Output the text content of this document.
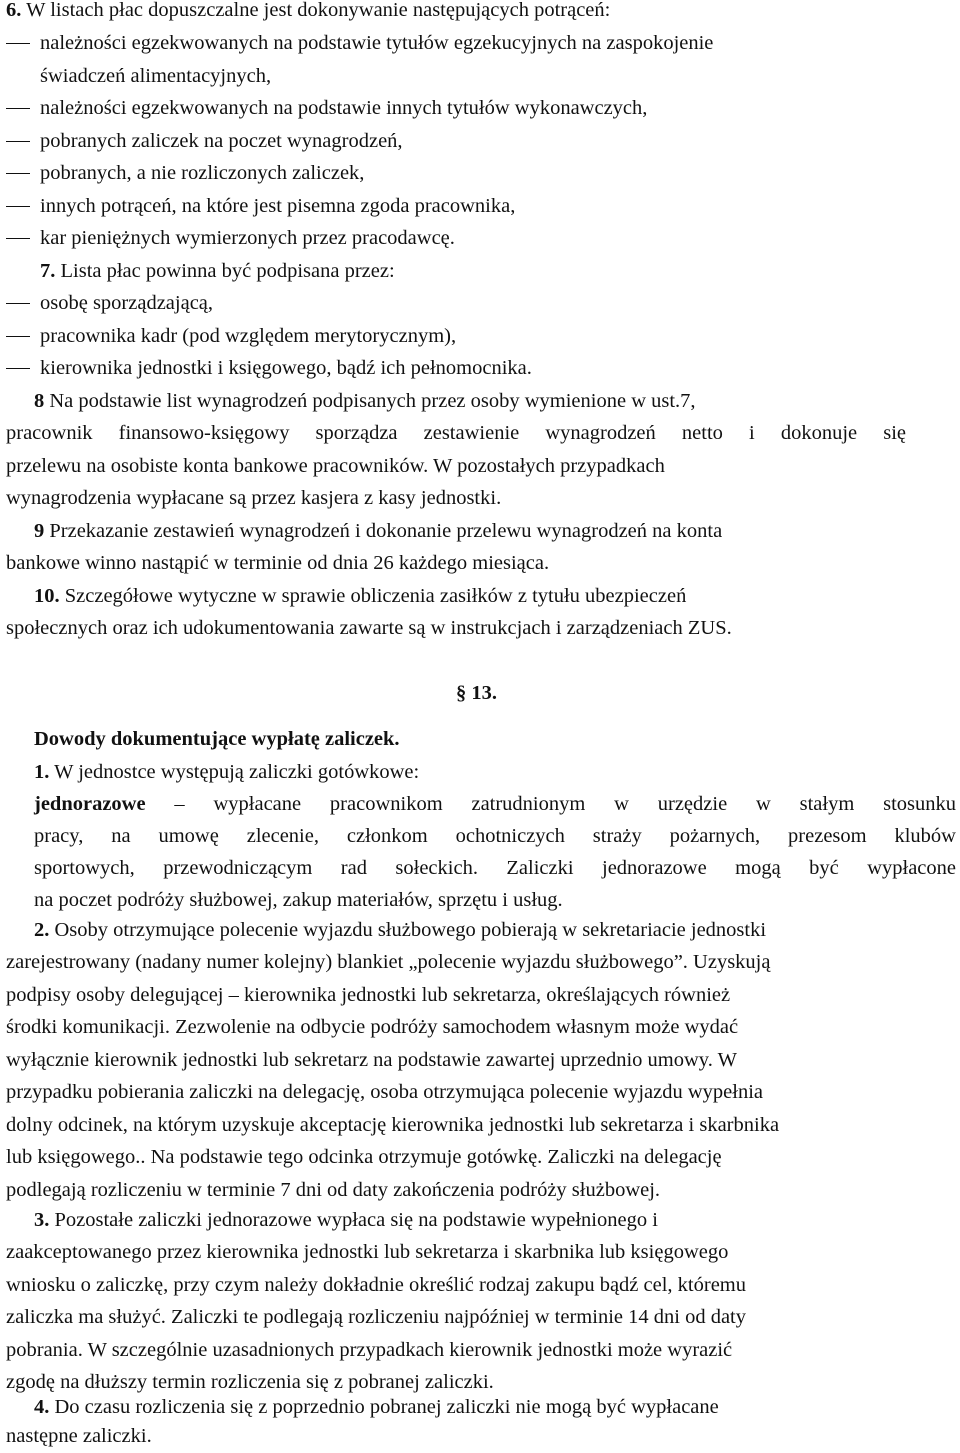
6. W listach płac dopuszczalne jest dokonywanie następujących potrąceń:
należności egzekwowanych na podstawie tytułów egzekucyjnych na zaspokojenie
świadczeń alimentacyjnych,
należności egzekwowanych na podstawie innych tytułów wykonawczych,
pobranych zaliczek na poczet wynagrodzeń,
pobranych, a nie rozliczonych zaliczek,
innych potrąceń, na które jest pisemna zgoda pracownika,
kar pieniężnych wymierzonych przez pracodawcę.
7. Lista płac powinna być podpisana przez:
osobę sporządzającą,
pracownika kadr (pod względem merytorycznym),
kierownika jednostki i księgowego, bądź ich pełnomocnika.
8 Na podstawie list wynagrodzeń podpisanych przez osoby wymienione w ust.7,
pracownik finansowo-księgowy sporządza zestawienie wynagrodzeń netto i dokonuje się
przelewu na osobiste konta bankowe pracowników. W pozostałych przypadkach
wynagrodzenia wypłacane są przez kasjera z kasy jednostki.
9 Przekazanie zestawień wynagrodzeń i dokonanie przelewu wynagrodzeń na konta
bankowe winno nastąpić w terminie od dnia 26 każdego miesiąca.
10. Szczegółowe wytyczne w sprawie obliczenia zasiłków z tytułu ubezpieczeń
społecznych oraz ich udokumentowania zawarte są w instrukcjach i zarządzeniach ZUS.
§ 13.
Dowody dokumentujące wypłatę zaliczek.
1. W jednostce występują zaliczki gotówkowe:
jednorazowe – wypłacane pracownikom zatrudnionym w urzędzie w stałym stosunku
pracy, na umowę zlecenie, członkom ochotniczych straży pożarnych, prezesom klubów
sportowych, przewodniczącym rad sołeckich. Zaliczki jednorazowe mogą być wypłacone
na poczet podróży służbowej, zakup materiałów, sprzętu i usług.
2. Osoby otrzymujące polecenie wyjazdu służbowego pobierają w sekretariacie jednostki
zarejestrowany (nadany numer kolejny) blankiet „polecenie wyjazdu służbowego”. Uzyskują
podpisy osoby delegującej – kierownika jednostki lub sekretarza, określających również
środki komunikacji. Zezwolenie na odbycie podróży samochodem własnym może wydać
wyłącznie kierownik jednostki lub sekretarz na podstawie zawartej uprzednio umowy. W
przypadku pobierania zaliczki na delegację, osoba otrzymująca polecenie wyjazdu wypełnia
dolny odcinek, na którym uzyskuje akceptację kierownika jednostki lub sekretarza i skarbnika
lub księgowego.. Na podstawie tego odcinka otrzymuje gotówkę. Zaliczki na delegację
podlegają rozliczeniu w terminie 7 dni od daty zakończenia podróży służbowej.
3. Pozostałe zaliczki jednorazowe wypłaca się na podstawie wypełnionego i
zaakceptowanego przez kierownika jednostki lub sekretarza i skarbnika lub księgowego
wniosku o zaliczkę, przy czym należy dokładnie określić rodzaj zakupu bądź cel, któremu
zaliczka ma służyć. Zaliczki te podlegają rozliczeniu najpóźniej w terminie 14 dni od daty
pobrania. W szczególnie uzasadnionych przypadkach kierownik jednostki może wyrazić
zgodę na dłuższy termin rozliczenia się z pobranej zaliczki.
4. Do czasu rozliczenia się z poprzednio pobranej zaliczki nie mogą być wypłacane
następne zaliczki.
